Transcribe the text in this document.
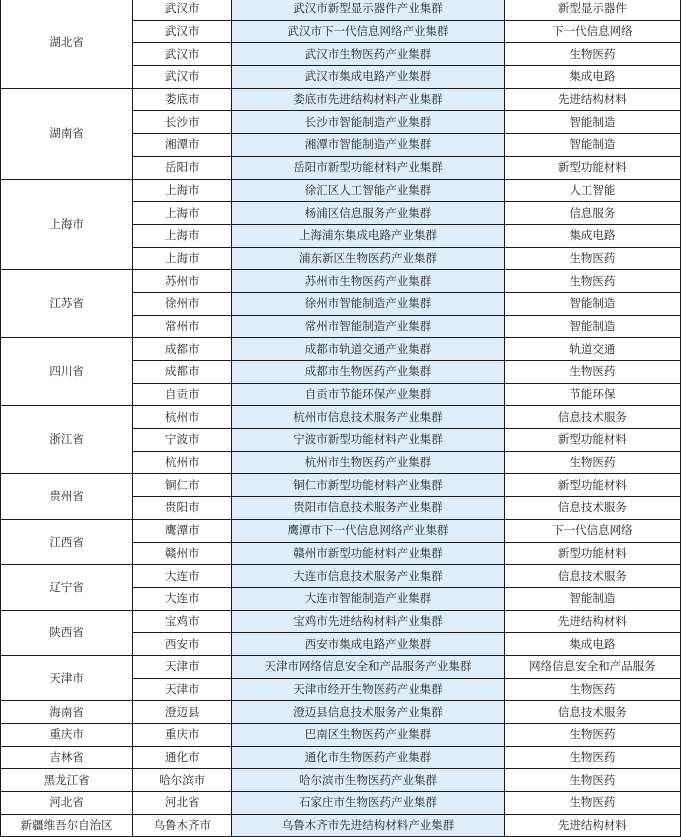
湖北省	武汉市	武汉市新型显示器件产业集群	新型显示器件
	武汉市	武汉市下一代信息网络产业集群	下一代信息网络
	武汉市	武汉市生物医药产业集群	生物医药
	武汉市	武汉市集成电路产业集群	集成电路
湖南省	娄底市	娄底市先进结构材料产业集群	先进结构材料
	长沙市	长沙市智能制造产业集群	智能制造
	湘潭市	湘潭市智能制造产业集群	智能制造
	岳阳市	岳阳市新型功能材料产业集群	新型功能材料
上海市	上海市	徐汇区人工智能产业集群	人工智能
	上海市	杨浦区信息服务产业集群	信息服务
	上海市	上海浦东集成电路产业集群	集成电路
	上海市	浦东新区生物医药产业集群	生物医药
江苏省	苏州市	苏州市生物医药产业集群	生物医药
	徐州市	徐州市智能制造产业集群	智能制造
	常州市	常州市智能制造产业集群	智能制造
四川省	成都市	成都市轨道交通产业集群	轨道交通
	成都市	成都市生物医药产业集群	生物医药
	自贡市	自贡市节能环保产业集群	节能环保
浙江省	杭州市	杭州市信息技术服务产业集群	信息技术服务
	宁波市	宁波市新型功能材料产业集群	新型功能材料
	杭州市	杭州市生物医药产业集群	生物医药
贵州省	铜仁市	铜仁市新型功能材料产业集群	新型功能材料
	贵阳市	贵阳市信息技术服务产业集群	信息技术服务
江西省	鹰潭市	鹰潭市下一代信息网络产业集群	下一代信息网络
	赣州市	赣州市新型功能材料产业集群	新型功能材料
辽宁省	大连市	大连市信息技术服务产业集群	信息技术服务
	大连市	大连市智能制造产业集群	智能制造
陕西省	宝鸡市	宝鸡市先进结构材料产业集群	先进结构材料
	西安市	西安市集成电路产业集群	集成电路
天津市	天津市	天津市网络信息安全和产品服务产业集群	网络信息安全和产品服务
	天津市	天津市经开生物医药产业集群	生物医药
海南省	澄迈县	澄迈县信息技术服务产业集群	信息技术服务
重庆市	重庆市	巴南区生物医药产业集群	生物医药
吉林省	通化市	通化市生物医药产业集群	生物医药
黑龙江省	哈尔滨市	哈尔滨市生物医药产业集群	生物医药
河北省	河北省	石家庄市生物医药产业集群	生物医药
新疆维吾尔自治区	乌鲁木齐市	乌鲁木齐市先进结构材料产业集群	先进结构材料
